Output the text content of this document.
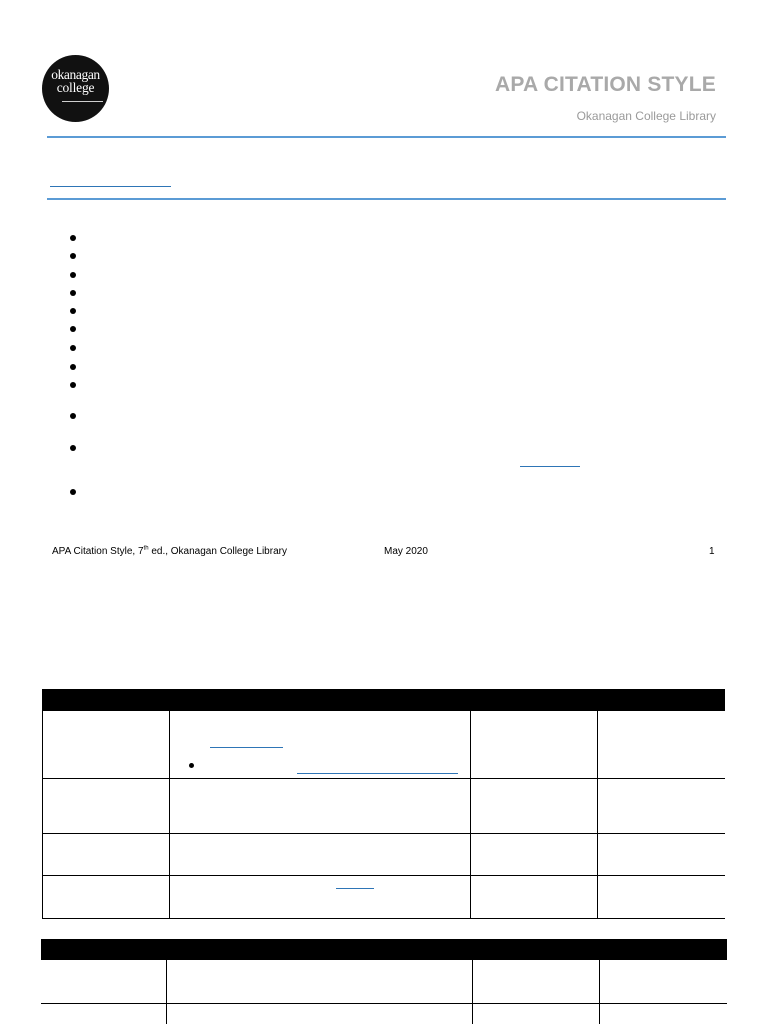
okanagan
college	APA CITATION STYLE
Okanagan College Library
APA Citation Style, 7th ed., Okanagan College Library	May 2020	1
